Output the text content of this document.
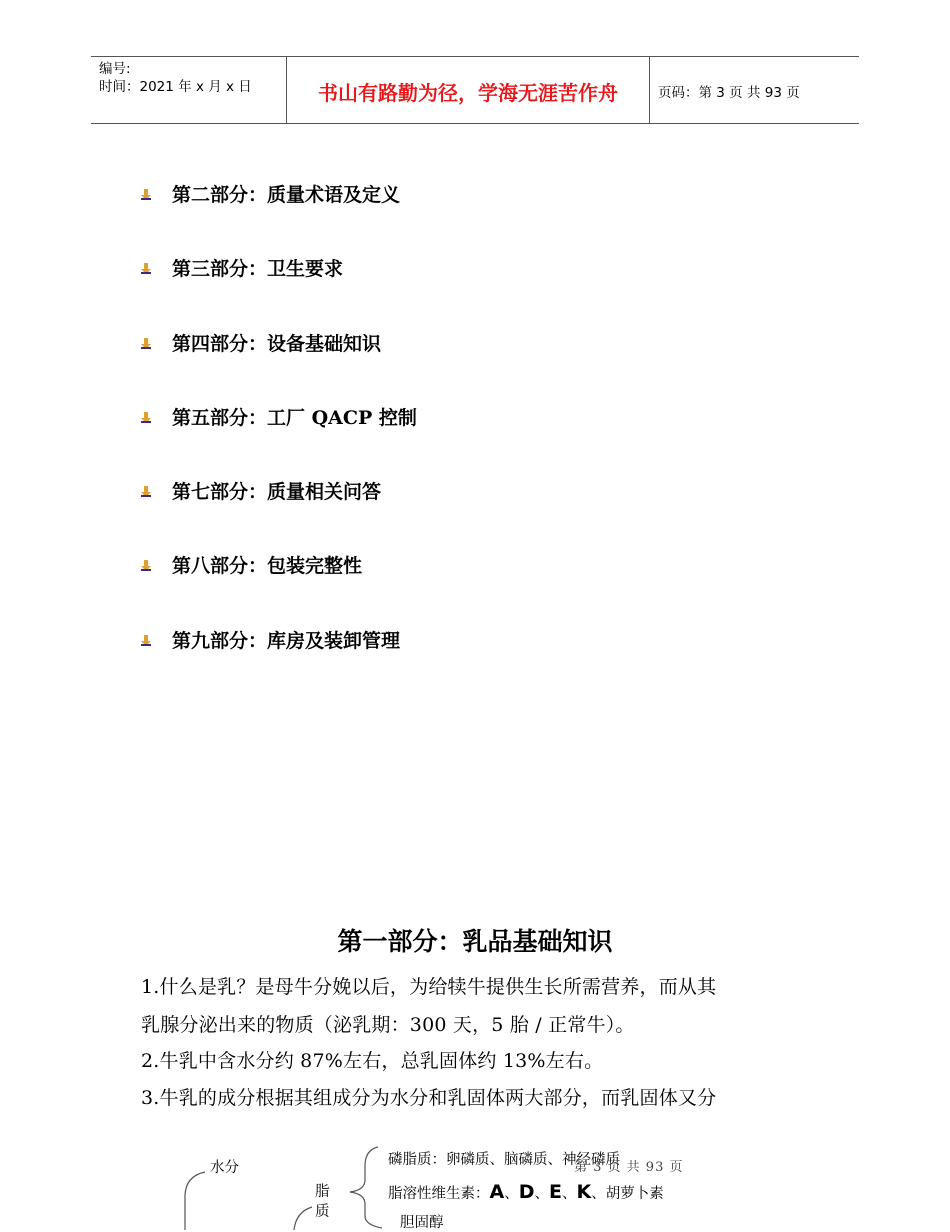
编号:
时间：2021 年 x 月 x 日	书山有路勤为径，学海无涯苦作舟	页码：第 3 页 共 93 页
第二部分：质量术语及定义
第三部分：卫生要求
第四部分：设备基础知识
第五部分：工厂 QACP 控制
第七部分：质量相关问答
第八部分：包装完整性
第九部分：库房及装卸管理
第一部分：乳品基础知识
1.什么是乳？是母牛分娩以后，为给犊牛提供生长所需营养，而从其
乳腺分泌出来的物质（泌乳期：300 天，5 胎 / 正常牛）。
2.牛乳中含水分约 87%左右，总乳固体约 13%左右。
3.牛乳的成分根据其组成分为水分和乳固体两大部分，而乳固体又分
水分
脂
质
磷脂质：卵磷质、脑磷质、神经磷质
脂溶性维生素：A、D、E、K、胡萝卜素
胆固醇
第 3 页 共 93 页
